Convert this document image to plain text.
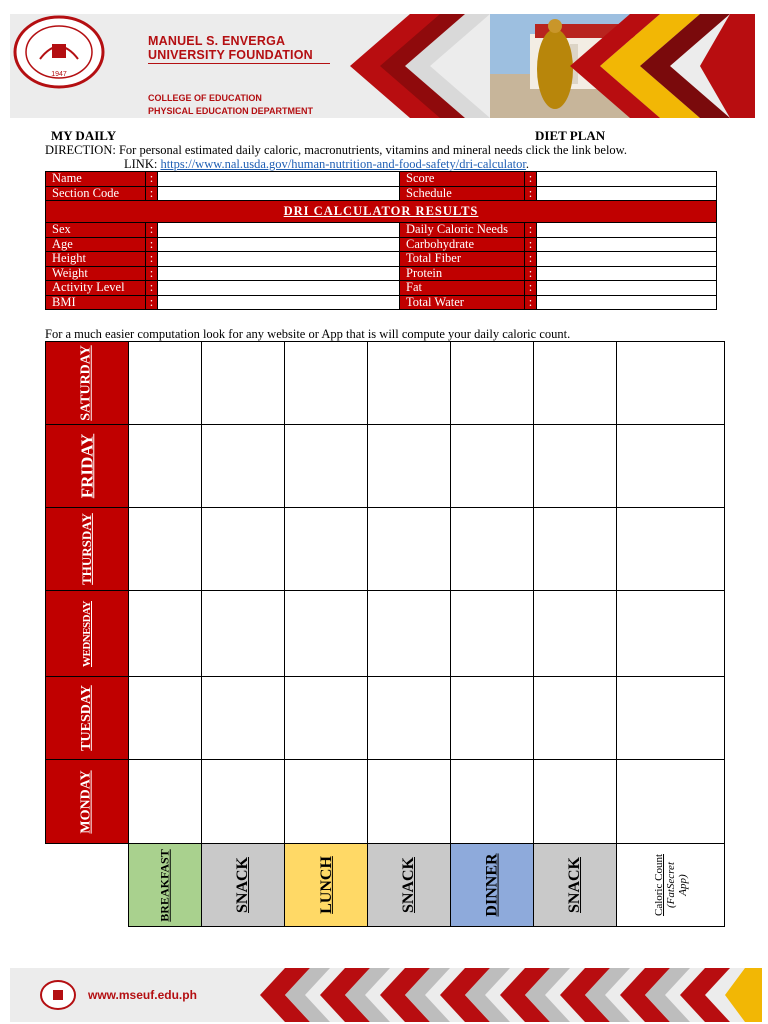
1947
MANUEL S. ENVERGA
UNIVERSITY FOUNDATION
COLLEGE OF EDUCATION
PHYSICAL EDUCATION DEPARTMENT
MY DAILY	DIET PLAN
DIRECTION: For personal estimated daily caloric, macronutrients, vitamins and mineral needs click the link below.
LINK: https://www.nal.usda.gov/human-nutrition-and-food-safety/dri-calculator.
Name	:		Score	:	
Section Code	:		Schedule	:	
DRI CALCULATOR RESULTS					
Sex	:		Daily Caloric Needs	:	
Age	:		Carbohydrate	:	
Height	:		Total Fiber	:	
Weight	:		Protein	:	
Activity Level	:		Fat	:	
BMI	:		Total Water	:	
For a much easier computation look for any website or App that is will compute your daily caloric count.
SATURDAY							

FRIDAY							

THURSDAY							

WEDNESDAY							

TUESDAY							

MONDAY							

	BREAKFAST	SNACK	LUNCH	SNACK	DINNER	SNACK	Caloric Count (FatSecret App)
www.mseuf.edu.ph
